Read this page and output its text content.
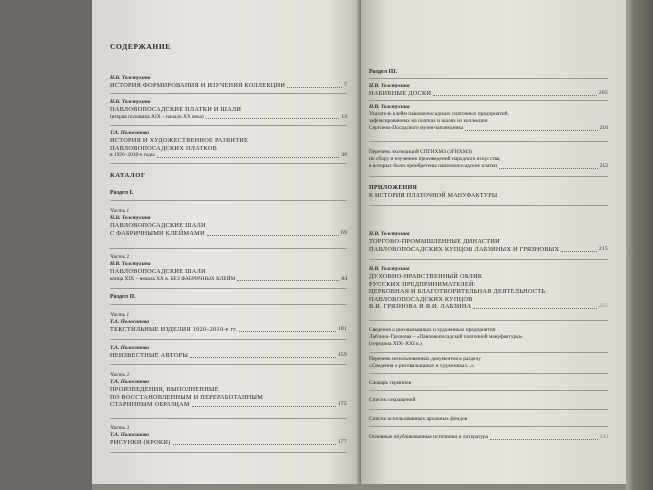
СОДЕРЖАНИЕ
Н.В. Толстухина
ИСТОРИЯ ФОРМИРОВАНИЯ И ИЗУЧЕНИЯ КОЛЛЕКЦИИ	7
Н.В. Толстухина
ПАВЛОВОПОСАДСКИЕ ПЛАТКИ И ШАЛИ
(вторая половина XIX – начало XX века)	13
Т.А. Полосинова
ИСТОРИЯ И ХУДОЖЕСТВЕННОЕ РАЗВИТИЕ
ПАВЛОВОПОСАДСКИХ ПЛАТКОВ
в 1920–2010-е годы	36
КАТАЛОГ
Раздел I.
Часть 1
Н.В. Толстухина
ПАВЛОВОПОСАДСКИЕ ШАЛИ
С ФАБРИЧНЫМИ КЛЕЙМАМИ	69
Часть 2
Н.В. Толстухина
ПАВЛОВОПОСАДСКИЕ ШАЛИ
конца XIX – начала XX в. БЕЗ ФАБРИЧНЫХ КЛЕЙМ	84
Раздел II.
Часть 1
Т.А. Полосинова
ТЕКСТИЛЬНЫЕ ИЗДЕЛИЯ 1920–2010-е гг.	101
Т.А. Полосинова
НЕИЗВЕСТНЫЕ АВТОРЫ	159
Часть 2
Т.А. Полосинова
ПРОИЗВЕДЕНИЯ, ВЫПОЛНЕННЫЕ
ПО ВОССТАНОВЛЕННЫМ И ПЕРЕРАБОТАННЫМ
СТАРИННЫМ ОБРАЗЦАМ	175
Часть 3
Т.А. Полосинова
РИСУНКИ (КРОКИ)	177
Раздел III.
Н.В. Толстухина
НАБИВНЫЕ ДОСКИ	205
Н.В. Толстухина
Указатель клейм павловопосадских платочных предприятий,
зафиксированных на платках и шалях из коллекции
Сергиево-Посадского музея-заповедника	210
Перечень экспедиций СПГИХМЗ (ЗГИХМЗ)
по сбору и изучению произведений народного искусства,
в которых были приобретены павловопосадские платки	212
ПРИЛОЖЕНИЯ
К ИСТОРИИ ПЛАТОЧНОЙ МАНУФАКТУРЫ
Н.В. Толстухина
ТОРГОВО-ПРОМЫШЛЕННЫЕ ДИНАСТИИ
ПАВЛОВОПОСАДСКИХ КУПЦОВ ЛАБЗИНЫХ И ГРЯЗНОВЫХ	215
Н.В. Толстухина
ДУХОВНО-НРАВСТВЕННЫЙ ОБЛИК
РУССКИХ ПРЕДПРИНИМАТЕЛЕЙ:
ЦЕРКОВНАЯ И БЛАГОТВОРИТЕЛЬНАЯ ДЕЯТЕЛЬНОСТЬ
ПАВЛОВОПОСАДСКИХ КУПЦОВ
В.И. ГРЯЗНОВА И Я.И. ЛАБЗИНА	225
Сведения о рисовальщиках и художниках предприятия
Лабзина–Грязнова – «Павловопосадской платочной мануфактуры»
(середина XIX–XXI в.)
Перечень использованных документов к разделу
«Сведения о рисовальщиках и художниках...»
Словарь терминов
Список сокращений
Список использованных архивных фондов
Основные опубликованные источники и литература	243
